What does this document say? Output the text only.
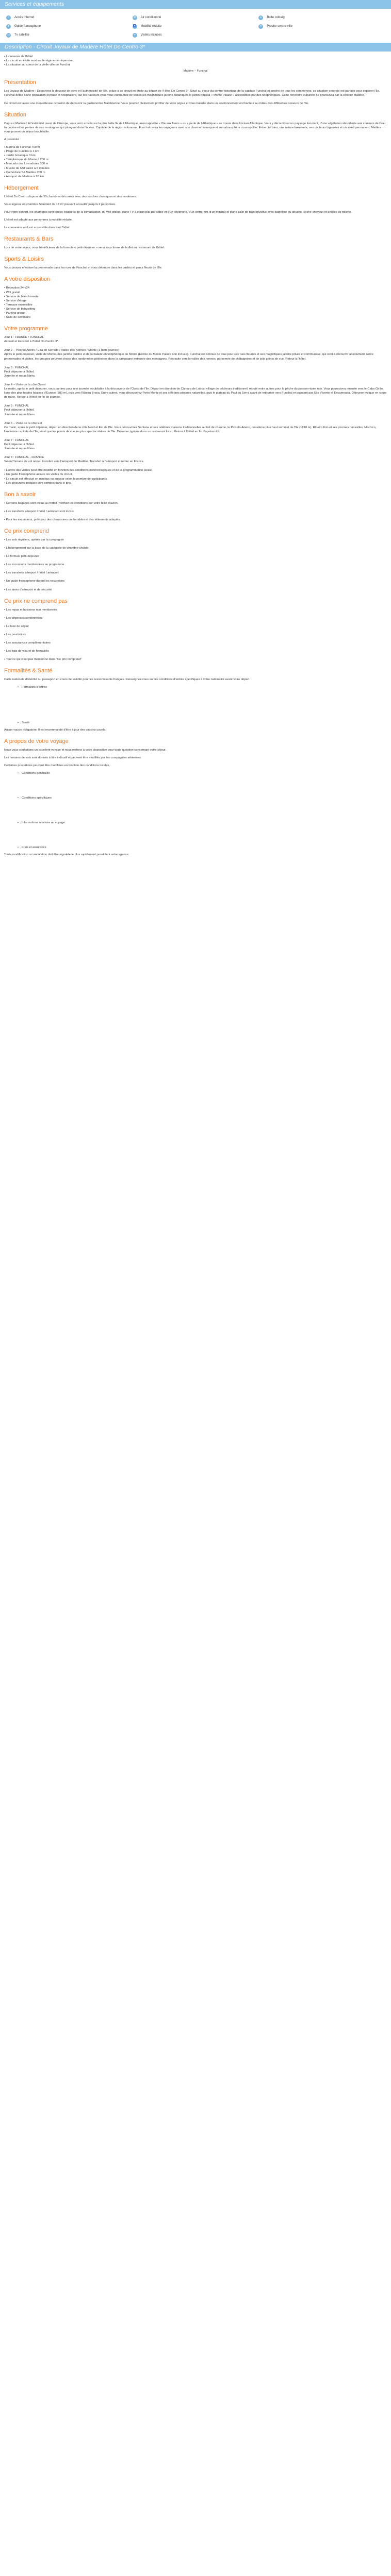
Services et équipements
✓	Accès Internet	❄	Air conditionné	♦	Boite coktaig
●	Guide francophone	♿ Mobilité réduite	✈	Proche centre-ville
▭	Tv satellite	⌖	Visites incluses
Description - Circuit Joyaux de Madère Hôtel Do Centro 3*
• La réserve de l'hôtel
• Le circuit en étoile sont sur le régime demi-pension.
• La situation au coeur de la vielle ville de Funchal
Madère – Funchal
Présentation

Les Joyaux de Madère : Découvrez la douceur de vivre et l'authenticité de l'île, grâce à ce circuit en étoile au départ de l'Hôtel Do Centro 3*. Situé au coeur du centre historique de la capitale Funchal et proche de tous les commerces, sa situation centrale est parfaite pour explorer l'île. Funchal dotée d'une population joyeuse et hospitalière, sur les hauteurs vous vous connaîtrez de visites les magnifiques jardins botaniques le jardin tropical « Monte Palace » accessibles par des téléphériques. Cette rencontre culturelle se poursuivra par la célèbre Madère.

Ce circuit est aussi une merveilleuse occasion de découvrir la gastronomie Madérienne. Vous pourrez pleinement profiter de votre séjour et vous balader dans un environnement enchanteur au milieu des différentes saveurs de l'île.

Situation

Cap sur Madère ! A l'extrémité ouest de l'Europe, vous voici arrivés sur la plus belle île de l'Atlantique, aussi appelée « l'Ile aux fleurs » ou « perle de l'Atlantique » se trouve dans l'océan Atlantique. Vous y découvrirez un paysage luxuriant, d'une végétation abondante aux couleurs de l'eau turquoise et les pentes de ses montagnes qui plongent dans l'océan. Capitale de la région autonome, Funchal ravira les voyageurs avec son charme historique et son atmosphère cosmopolite. Entre ciel bleu, une nature luxuriante, ses couleurs bigarrées et un soleil permanent, Madère vous promet un séjour inoubliable.

A proximité :

• Marina de Funchal 700 m
• Plage de Funchal à 1 km
• Jardin botanique 3 km
• Téléphérique du Monte à 200 m
• Mercado dos Lavradores 300 m
• Musée de l'Art sacré à 5 minutes
• Cathédrale Sé Madère 200 m
• Aéroport de Madère à 20 km
Hébergement

L'hôtel Do Centro dispose de 50 chambres décorées avec des touches classiques et des modernes.

Vous logerez en chambre Standard de 17 m² pouvant accueillir jusqu'à 2 personnes.

Pour votre confort, les chambres sont toutes équipées de la climatisation, du Wifi gratuit, d'une TV à écran plat par câble et d'un téléphone, d'un coffre-fort, d'un minibar et d'une salle de bain privative avec baignoire ou douche, sèche-cheveux et articles de toilette.

L'hôtel est adapté aux personnes à mobilité réduite.

La connexion wi-fi est accessible dans tout l'hôtel.

Restaurants & Bars

Lors de votre séjour, vous bénéficierez de la formule « petit-déjeuner » servi sous forme de buffet au restaurant de l'hôtel.

Sports & Loisirs

Vous pouvez effectuer la promenade dans les rues de Funchal et vous détendre dans les jardins et parcs fleuris de l'île.

A votre disposition
• Réception 24h/24
• Wifi gratuit
• Service de blanchisserie
• Service d'étage
• Terrasse ensoleillée
• Service de babysitting
• Parking gratuit
• Salle de séminaire
Votre programme

Jour 1 : FRANCE / FUNCHAL

Accueil et transfert à l'hôtel Do Centro 3*.

Jour 2 – Pico do Arieiro / Eira do Serrado / Vallée des Nonnes / Monte (1 demi journée)

Après le petit-déjeuner, visite de Monte, des jardins publics et de la balade en téléphérique de Monte (Entrée du Monte Palace non incluse). Funchal est connue de tous pour ses rues fleuries et ses magnifiques jardins privés et communaux, qui sont à découvrir absolument. Entre promenades et visites, les groupes peuvent choisir des randonnées pédestres dans la campagne entourée des montagnes. Poursuite vers la vallée des nonnes, parsemée de châtaigniers et de jolis points de vue. Retour à l'hôtel.

Jour 3 : FUNCHAL

Petit déjeuner à l'hôtel.
Journée et repas libres.

Jour 4 – Visite de la côte Ouest

Le matin, après le petit déjeuner, vous partirez pour une journée inoubliable à la découverte de l'Ouest de l'île. Départ en direction de Câmara de Lobos, village de pêcheurs traditionnel, réputé entre autres pour la pêche du poisson-épée noir. Vous poursuivrez ensuite vers le Cabo Girão, l'une des plus hautes falaises d'Europe (580 m), puis vers Ribeira Brava. Entre autres, vous découvrirez Porto Moniz et ses célèbres piscines naturelles, puis le plateau du Paul da Serra avant de retourner vers Funchal en passant par São Vicente et Encumeada. Déjeuner typique en cours de route. Retour à l'hôtel en fin de journée.

Jour 5 : FUNCHAL

Petit déjeuner à l'hôtel.
Journée et repas libres.

Jour 6 – Visite de la côte Est

Ce matin, après le petit déjeuner, départ en direction de la côte Nord et Est de l'île. Vous découvrirez Santana et ses célèbres maisons traditionnelles au toit de chaume, le Pico do Arieiro, deuxième plus haut sommet de l'île (1818 m), Ribeiro Frio et ses piscines naturelles, Machico, l'ancienne capitale de l'île, ainsi que les points de vue les plus spectaculaires de l'île. Déjeuner typique dans un restaurant local. Retour à l'hôtel en fin d'après-midi.

Jour 7 : FUNCHAL

Petit déjeuner à l'hôtel.
Journée et repas libres.

Jour 8 : FUNCHAL - FRANCE

Selon l'horaire de vol retour, transfert vers l'aéroport de Madère. Transfert à l'aéroport et retour en France.

• L'ordre des visites peut être modifié en fonction des conditions météorologiques et de la programmation locale.
• Un guide francophone assure les visites du circuit.
• Le circuit est effectué en minibus ou autocar selon le nombre de participants.
• Les déjeuners indiqués sont compris dans le prix.
Bon à savoir
• Certains bagages sont inclus au forfait : vérifiez les conditions sur votre billet d'avion.
• Les transferts aéroport / hôtel / aéroport sont inclus.
• Pour les excursions, prévoyez des chaussures confortables et des vêtements adaptés.
Ce prix comprend
• Les vols réguliers, opérés par la compagnie
• L'hébergement sur la base de la catégorie de chambre choisie
• La formule petit-déjeuner
• Les excursions mentionnées au programme
• Les transferts aéroport / hôtel / aéroport
• Un guide francophone durant les excursions
• Les taxes d'aéroport et de sécurité
Ce prix ne comprend pas
• Les repas et boissons non mentionnés
• Les dépenses personnelles
• La taxe de séjour
• Les pourboires
• Les assurances complémentaires
• Les frais de visa et de formalités
• Tout ce qui n'est pas mentionné dans "Ce prix comprend"
Formalités & Santé

Carte nationale d'identité ou passeport en cours de validité pour les ressortissants français. Renseignez-vous sur les conditions d'entrée spécifiques à votre nationalité avant votre départ.

•	Formalités d'entrée
•	Santé

Aucun vaccin obligatoire. Il est recommandé d'être à jour des vaccins usuels.

A propos de votre voyage

Nous vous souhaitons un excellent voyage et nous restons à votre disposition pour toute question concernant votre séjour.

Les horaires de vols sont donnés à titre indicatif et peuvent être modifiés par les compagnies aériennes.

Certaines prestations peuvent être modifiées en fonction des conditions locales.

•	Conditions générales
•	Conditions spécifiques
•	Informations relatives au voyage
•	Frais et assurance

Toute modification ou annulation doit être signalée le plus rapidement possible à votre agence.
